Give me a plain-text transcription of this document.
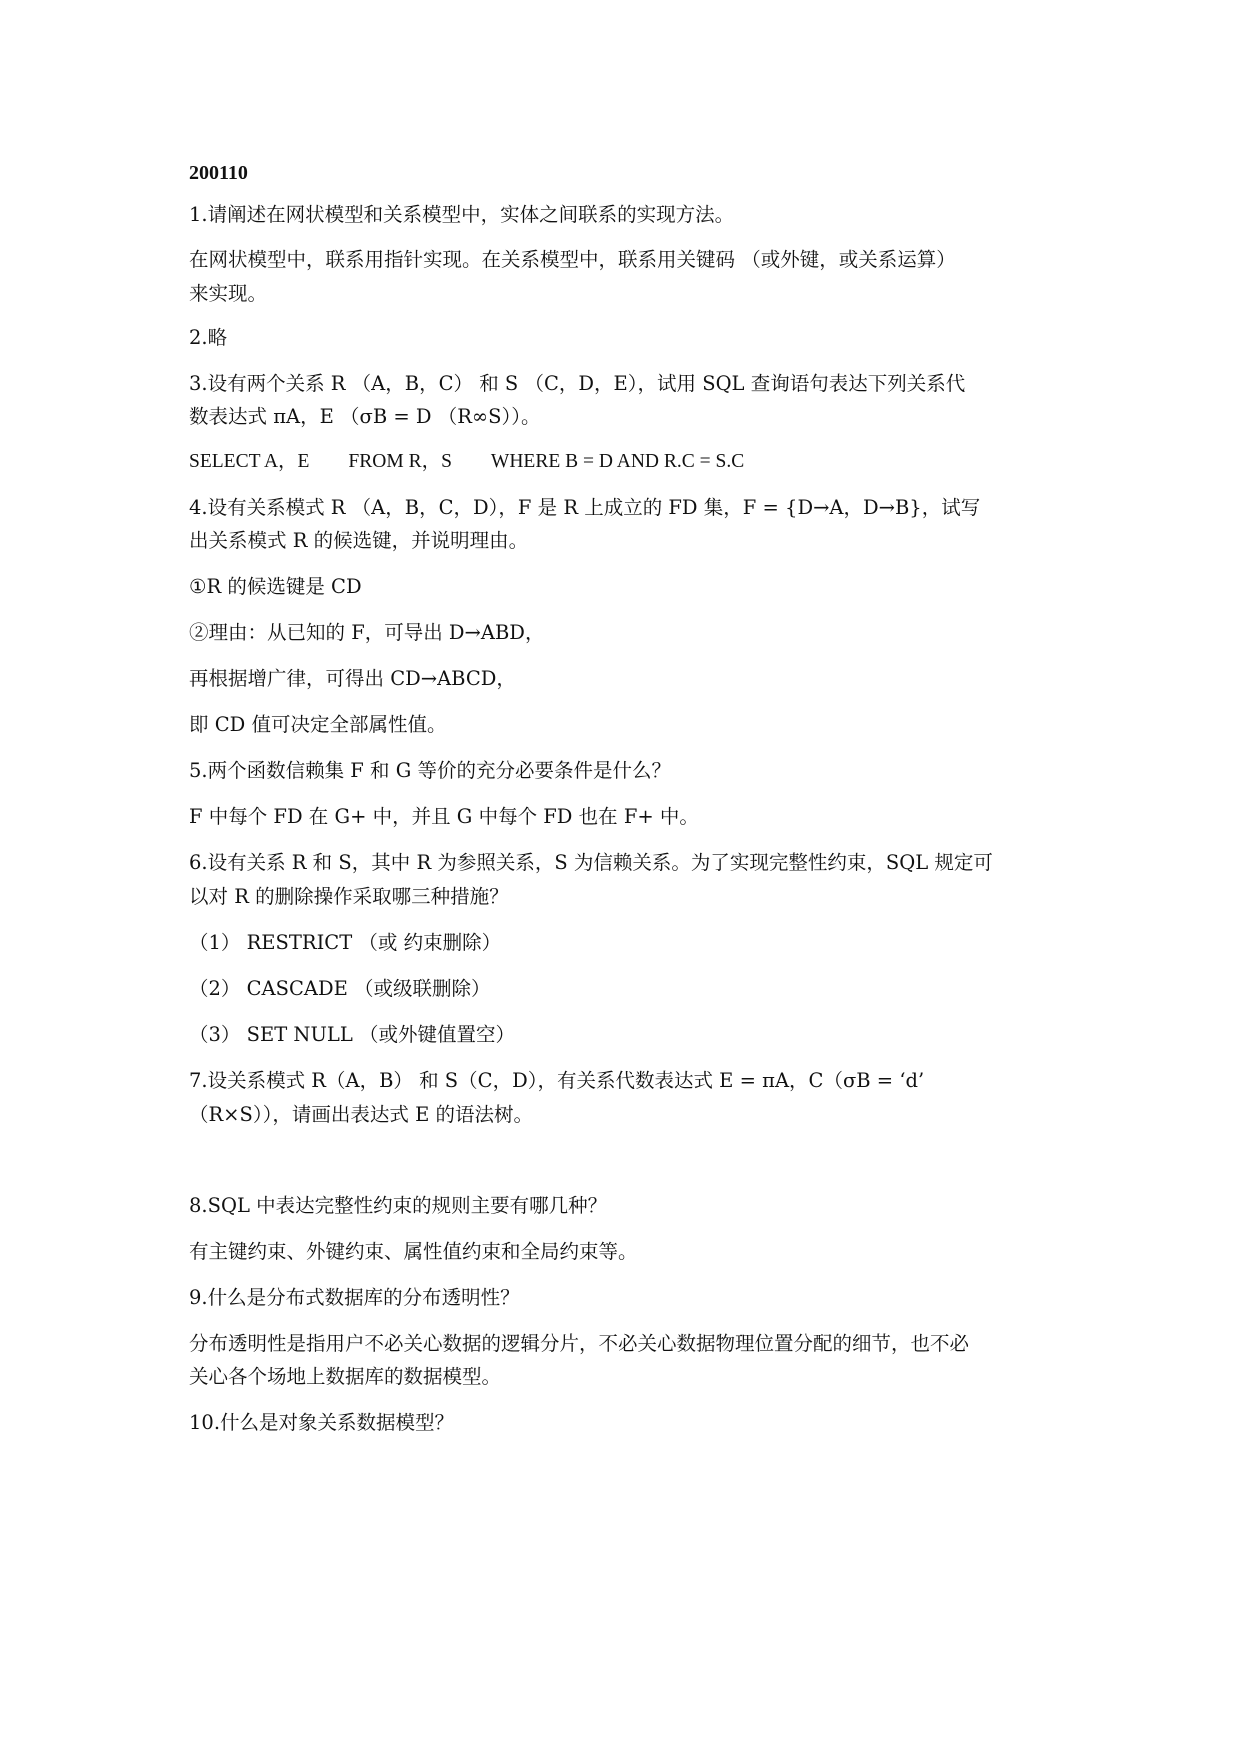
200110

1.请阐述在网状模型和关系模型中，实体之间联系的实现方法。

在网状模型中，联系用指针实现。在关系模型中，联系用关键码 （或外键，或关系运算）

来实现。

2.略

3.设有两个关系 R （A，B，C） 和 S （C，D，E），试用 SQL 查询语句表达下列关系代

数表达式 πA，E （σB = D （R∞S））。

SELECT A，E　　FROM R，S　　WHERE B = D AND R.C = S.C

4.设有关系模式 R （A，B，C，D），F 是 R 上成立的 FD 集，F = {D→A，D→B}，试写

出关系模式 R 的候选键，并说明理由。

①R 的候选键是 CD

②理由：从已知的 F，可导出 D→ABD，

再根据增广律，可得出 CD→ABCD，

即 CD 值可决定全部属性值。

5.两个函数信赖集 F 和 G 等价的充分必要条件是什么？

F 中每个 FD 在 G+ 中，并且 G 中每个 FD 也在 F+ 中。

6.设有关系 R 和 S，其中 R 为参照关系，S 为信赖关系。为了实现完整性约束，SQL 规定可

以对 R 的删除操作采取哪三种措施？

（1） RESTRICT （或 约束删除）

（2） CASCADE （或级联删除）

（3） SET NULL （或外键值置空）

7.设关系模式 R（A，B） 和 S（C，D），有关系代数表达式 E = πA，C（σB = ‘d’

（R×S）），请画出表达式 E 的语法树。

8.SQL 中表达完整性约束的规则主要有哪几种？

有主键约束、外键约束、属性值约束和全局约束等。

9.什么是分布式数据库的分布透明性？

分布透明性是指用户不必关心数据的逻辑分片，不必关心数据物理位置分配的细节，也不必

关心各个场地上数据库的数据模型。

10.什么是对象关系数据模型？
